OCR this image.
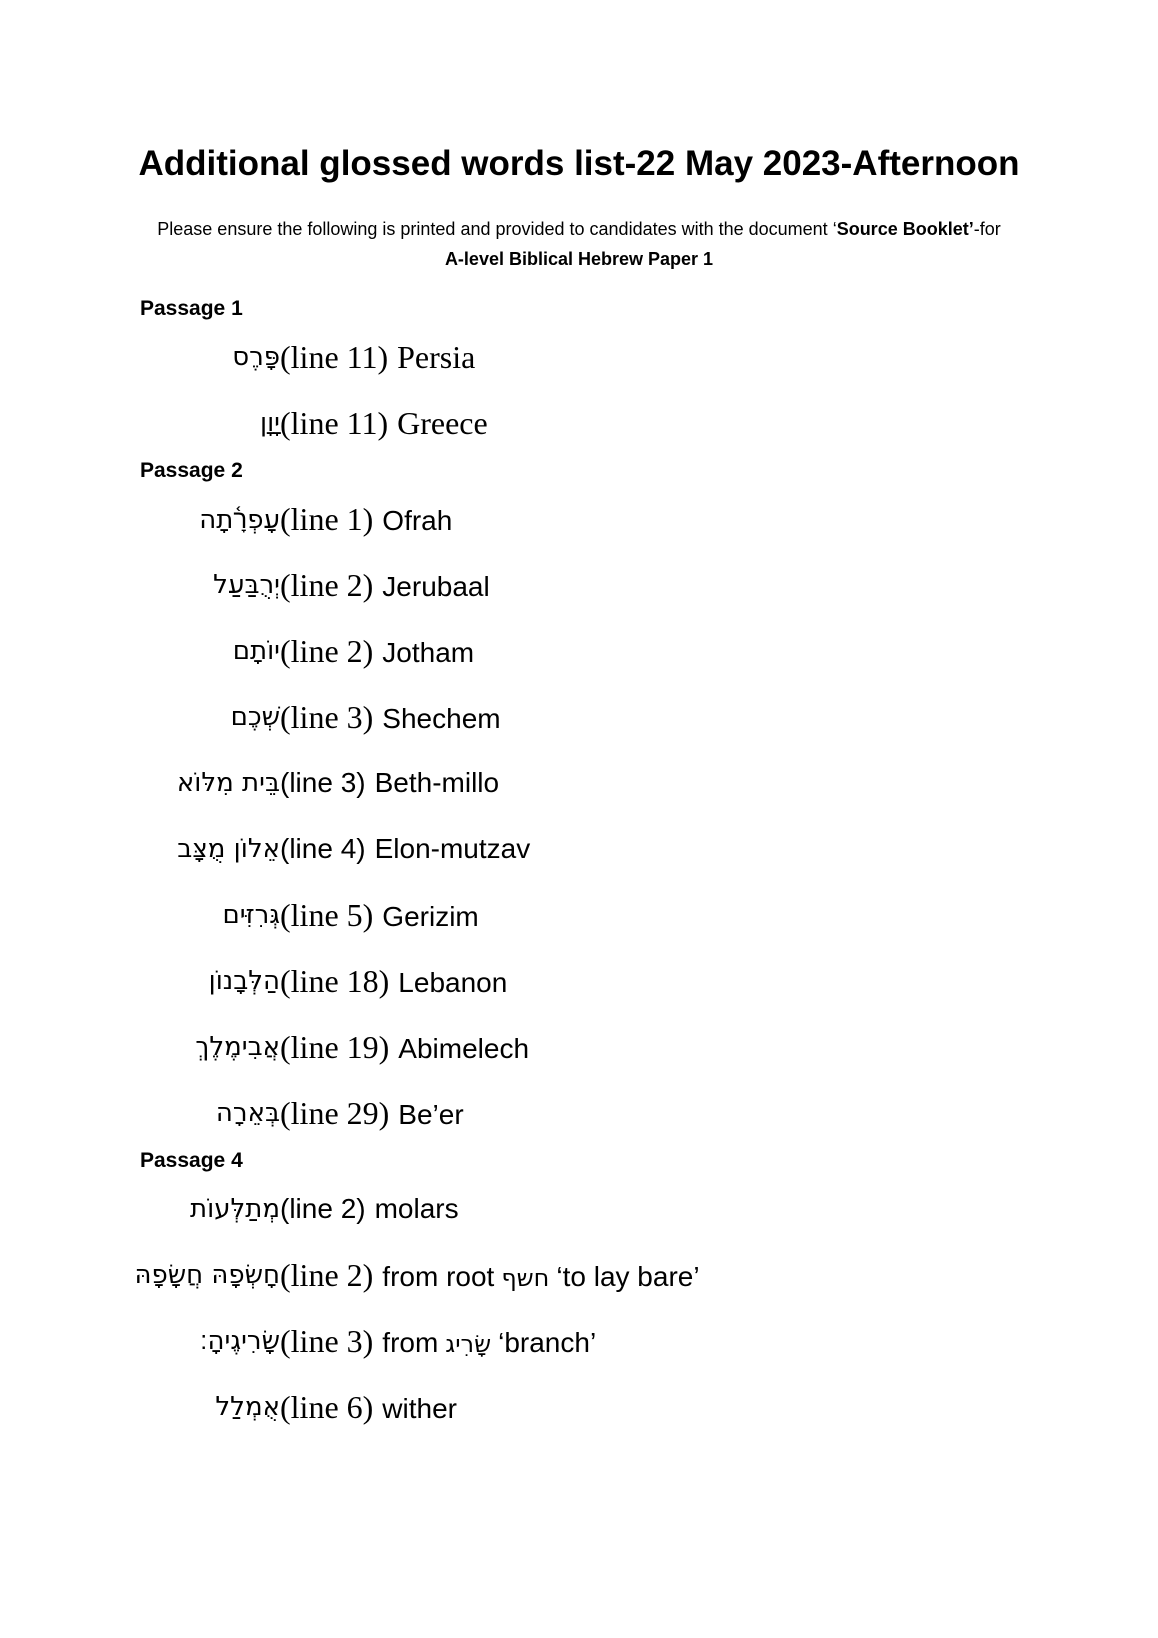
Additional glossed words list-22 May 2023-Afternoon
Please ensure the following is printed and provided to candidates with the document ‘Source Booklet’-for A-level Biblical Hebrew Paper 1
Passage 1
פָּרֶס (line 11) Persia
יָוָן (line 11) Greece
Passage 2
עָפְרָ֫תָה (line 1) Ofrah
יְרֻבַּעַל (line 2) Jerubaal
יוֹתָם (line 2) Jotham
שְׁכֶם (line 3) Shechem
בֵּית מִלּוֹא (line 3) Beth-millo
אֵלוֹן מֻצָּב (line 4) Elon-mutzav
גְּרִזִּים (line 5) Gerizim
הַלְּבָנוֹן (line 18) Lebanon
אֲבִימֶלֶךְ (line 19) Abimelech
בְּאֵרָה (line 29) Be’er
Passage 4
מְתַלְּעוֹת (line 2) molars
חָשְׂפָהּ חֲשָׂפָהּ (line 2) from root חשף ‘to lay bare’
שָׂרִיגֶיהָ׃ (line 3) from שָׂרִיג ‘branch’
אֻמְלַל (line 6) wither
